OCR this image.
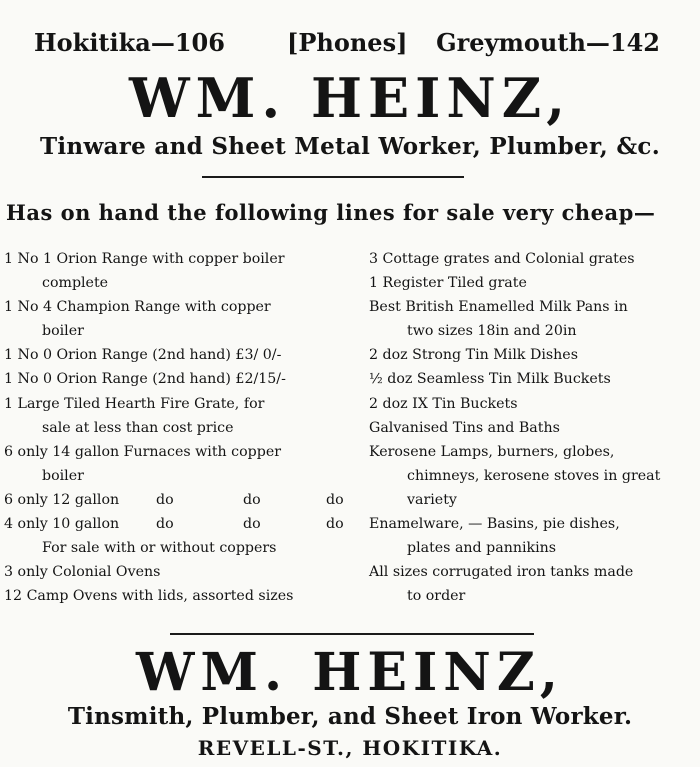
Hokitika—106	[Phones] Greymouth—142
WM. HEINZ,
Tinware and Sheet Metal Worker, Plumber, &c.
Has on hand the following lines for sale very cheap—
1 No 1 Orion Range with copper boiler
complete
1 No 4 Champion Range with copper
boiler
1 No 0 Orion Range (2nd hand) £3/ 0/-
1 No 0 Orion Range (2nd hand) £2/15/-
1 Large Tiled Hearth Fire Grate, for
sale at less than cost price
6 only 14 gallon Furnaces with copper
boiler
6 only 12 gallon	do	do	do
4 only 10 gallon	do	do	do
For sale with or without coppers
3 only Colonial Ovens
12 Camp Ovens with lids, assorted sizes
3 Cottage grates and Colonial grates
1 Register Tiled grate
Best British Enamelled Milk Pans in
two sizes 18in and 20in
2 doz Strong Tin Milk Dishes
½ doz Seamless Tin Milk Buckets
2 doz IX Tin Buckets
Galvanised Tins and Baths
Kerosene Lamps, burners, globes,
chimneys, kerosene stoves in great
variety
Enamelware, — Basins, pie dishes,
plates and pannikins
All sizes corrugated iron tanks made
to order
WM. HEINZ,
Tinsmith, Plumber, and Sheet Iron Worker.
REVELL-ST., HOKITIKA.
